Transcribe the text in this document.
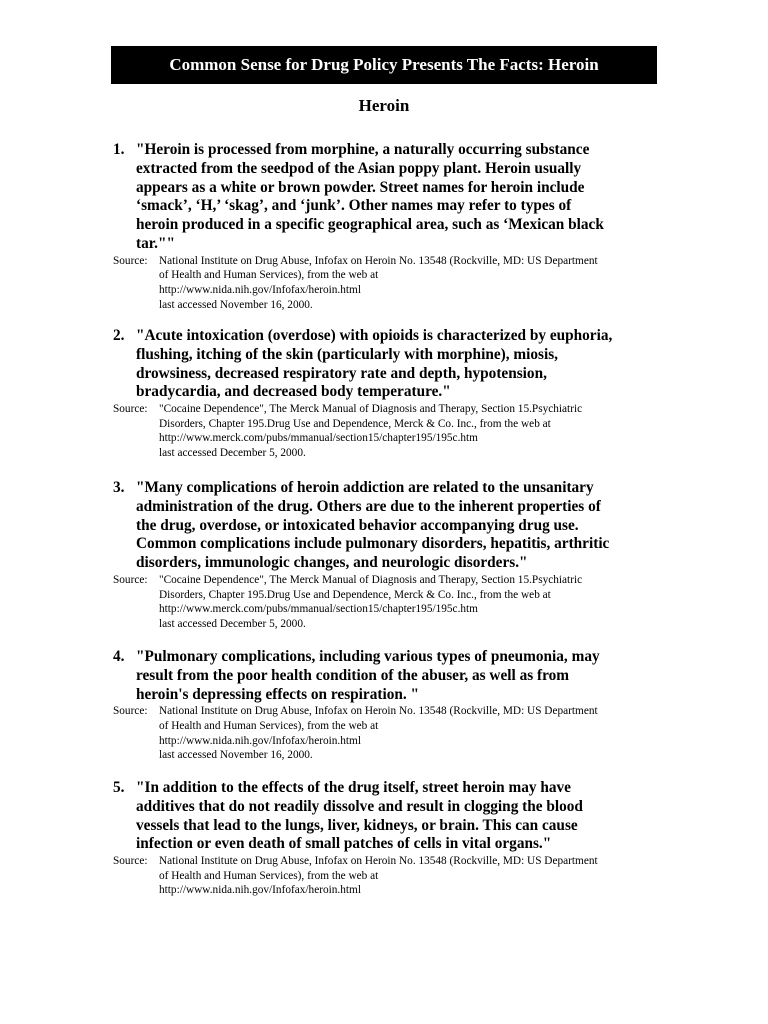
Common Sense for Drug Policy Presents The Facts: Heroin
Heroin
1. "Heroin is processed from morphine, a naturally occurring substance
extracted from the seedpod of the Asian poppy plant. Heroin usually
appears as a white or brown powder. Street names for heroin include
‘smack’, ‘H,’ ‘skag’, and ‘junk’. Other names may refer to types of
heroin produced in a specific geographical area, such as ‘Mexican black
tar.""
Source:	National Institute on Drug Abuse, Infofax on Heroin No. 13548 (Rockville, MD: US Department
of Health and Human Services), from the web at
http://www.nida.nih.gov/Infofax/heroin.html
last accessed November 16, 2000.
2. "Acute intoxication (overdose) with opioids is characterized by euphoria,
flushing, itching of the skin (particularly with morphine), miosis,
drowsiness, decreased respiratory rate and depth, hypotension,
bradycardia, and decreased body temperature."
Source:	"Cocaine Dependence", The Merck Manual of Diagnosis and Therapy, Section 15.Psychiatric
Disorders, Chapter 195.Drug Use and Dependence, Merck & Co. Inc., from the web at
http://www.merck.com/pubs/mmanual/section15/chapter195/195c.htm
last accessed December 5, 2000.
3. "Many complications of heroin addiction are related to the unsanitary
administration of the drug. Others are due to the inherent properties of
the drug, overdose, or intoxicated behavior accompanying drug use.
Common complications include pulmonary disorders, hepatitis, arthritic
disorders, immunologic changes, and neurologic disorders."
Source:	"Cocaine Dependence", The Merck Manual of Diagnosis and Therapy, Section 15.Psychiatric
Disorders, Chapter 195.Drug Use and Dependence, Merck & Co. Inc., from the web at
http://www.merck.com/pubs/mmanual/section15/chapter195/195c.htm
last accessed December 5, 2000.
4. "Pulmonary complications, including various types of pneumonia, may
result from the poor health condition of the abuser, as well as from
heroin's depressing effects on respiration. "
Source:	National Institute on Drug Abuse, Infofax on Heroin No. 13548 (Rockville, MD: US Department
of Health and Human Services), from the web at
http://www.nida.nih.gov/Infofax/heroin.html
last accessed November 16, 2000.
5. "In addition to the effects of the drug itself, street heroin may have
additives that do not readily dissolve and result in clogging the blood
vessels that lead to the lungs, liver, kidneys, or brain. This can cause
infection or even death of small patches of cells in vital organs."
Source:	National Institute on Drug Abuse, Infofax on Heroin No. 13548 (Rockville, MD: US Department
of Health and Human Services), from the web at
http://www.nida.nih.gov/Infofax/heroin.html
